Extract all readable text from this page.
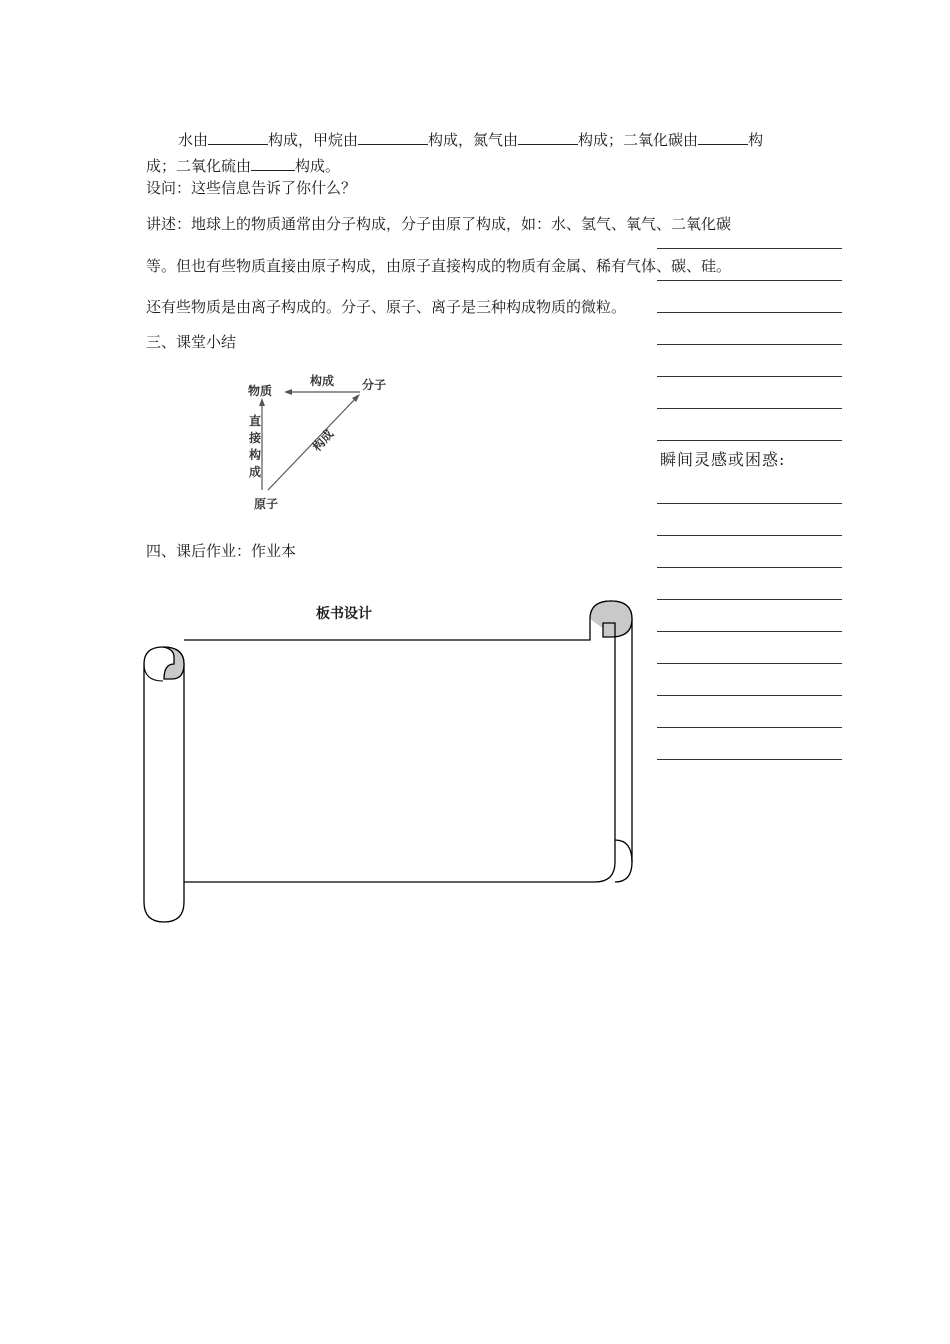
水由	构成，甲烷由	构成，氮气由	构成；二氧化碳由	构
成；二氧化硫由	构成。
设问：这些信息告诉了你什么？
讲述：地球上的物质通常由分子构成，分子由原了构成，如：水、氢气、氧气、二氧化碳
等。但也有些物质直接由原子构成，由原子直接构成的物质有金属、稀有气体、碳、硅。
还有些物质是由离子构成的。分子、原子、离子是三种构成物质的微粒。
三、课堂小结
物质	分子
原子
构成
直
接
构
成
构成
四、课后作业：作业本
板书设计
瞬间灵感或困惑:
